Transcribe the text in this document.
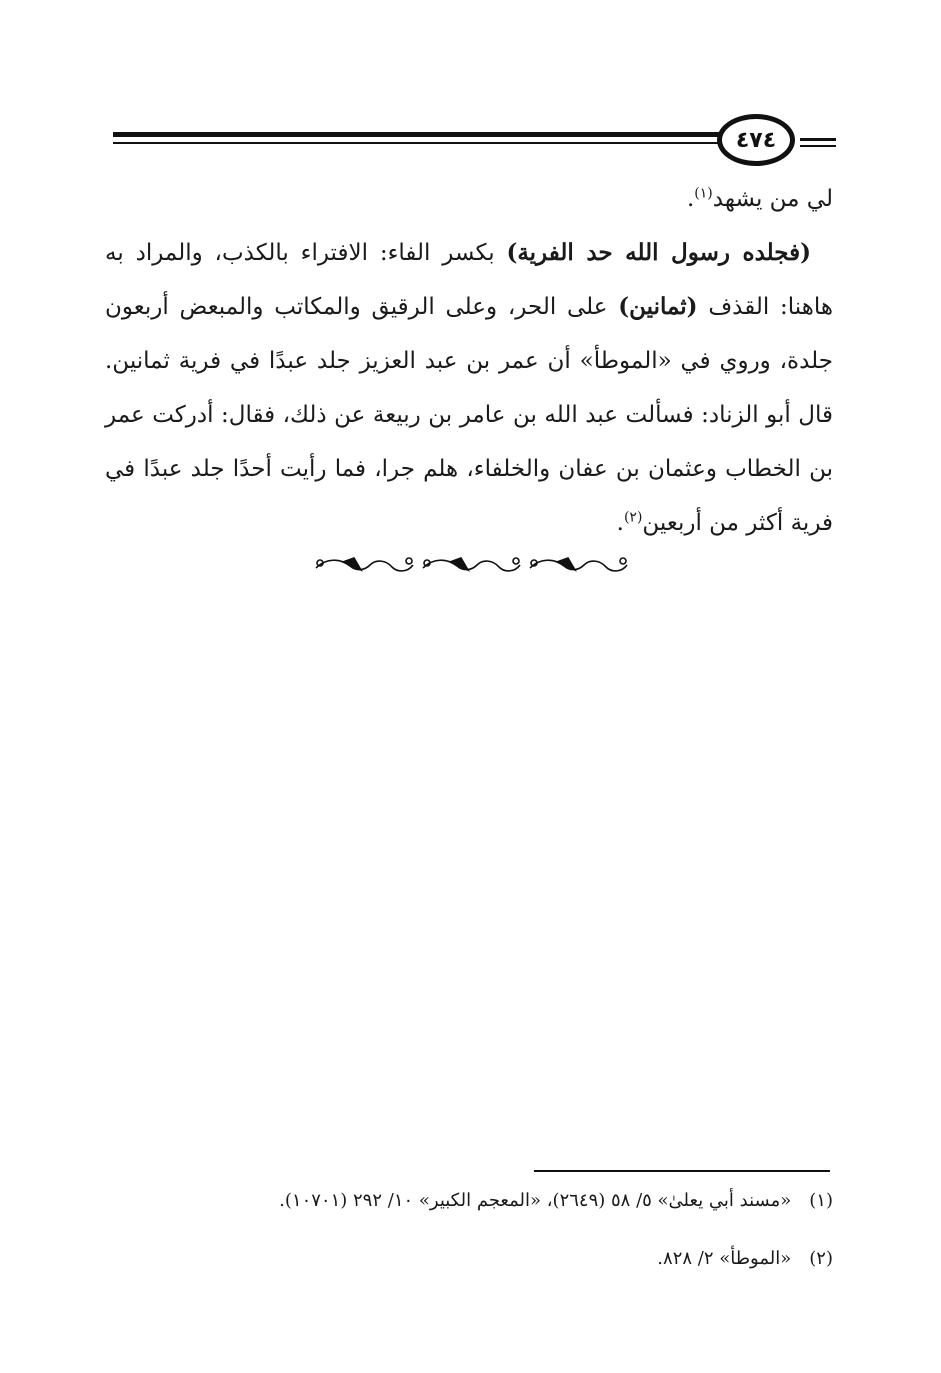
٤٧٤

لي من يشهد$^{(١)}$.

(فجلده رسول الله حد الفرية) بكسر الفاء: الافتراء بالكذب، والمراد به هاهنا: القذف (ثمانين) على الحر، وعلى الرقيق والمكاتب والمبعض أربعون جلدة، وروي في «الموطأ» أن عمر بن عبد العزيز جلد عبدًا في فرية ثمانين. قال أبو الزناد: فسألت عبد الله بن عامر بن ربيعة عن ذلك، فقال: أدركت عمر بن الخطاب وعثمان بن عفان والخلفاء، هلم جرا، فما رأيت أحدًا جلد عبدًا في فرية أكثر من أربعين$^{(٢)}$.

(١)
«مسند أبي يعلىٰ» ٥/ ٥٨ (٢٦٤٩)، «المعجم الكبير» ١٠/ ٢٩٢ (١٠٧٠١).
(٢)
«الموطأ» ٢/ ٨٢٨.
